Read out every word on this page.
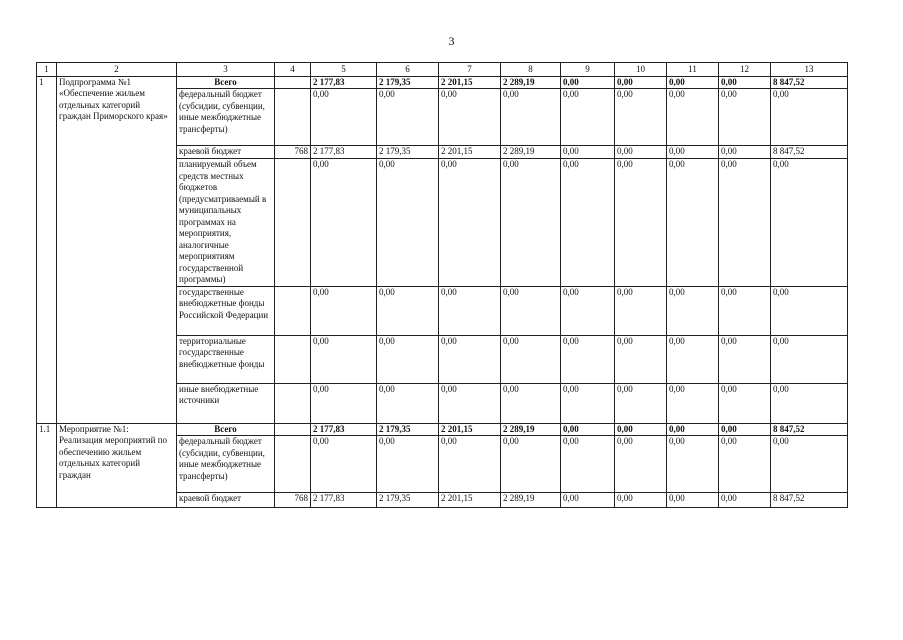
3
1	2	3	4	5	6	7	8	9	10	11	12	13
1	Подпрограмма №1 «Обеспечение жильем отдельных категорий граждан Приморского края»	Всего		2 177,83	2 179,35	2 201,15	2 289,19	0,00	0,00	0,00	0,00	8 847,52
		федеральный бюджет (субсидии, субвенции, иные межбюджетные трансферты)		0,00	0,00	0,00	0,00	0,00	0,00	0,00	0,00	0,00
		краевой бюджет	768	2 177,83	2 179,35	2 201,15	2 289,19	0,00	0,00	0,00	0,00	8 847,52
		планируемый объем средств местных бюджетов (предусматриваемый в муниципальных программах на мероприятия, аналогичные мероприятиям государственной программы)		0,00	0,00	0,00	0,00	0,00	0,00	0,00	0,00	0,00
		государственные внебюджетные фонды Российской Федерации		0,00	0,00	0,00	0,00	0,00	0,00	0,00	0,00	0,00
		территориальные государственные внебюджетные фонды		0,00	0,00	0,00	0,00	0,00	0,00	0,00	0,00	0,00
		иные внебюджетные источники		0,00	0,00	0,00	0,00	0,00	0,00	0,00	0,00	0,00
1.1	Мероприятие №1: Реализация мероприятий по обеспечению жильем отдельных категорий граждан	Всего		2 177,83	2 179,35	2 201,15	2 289,19	0,00	0,00	0,00	0,00	8 847,52
		федеральный бюджет (субсидии, субвенции, иные межбюджетные трансферты)		0,00	0,00	0,00	0,00	0,00	0,00	0,00	0,00	0,00
		краевой бюджет	768	2 177,83	2 179,35	2 201,15	2 289,19	0,00	0,00	0,00	0,00	8 847,52
